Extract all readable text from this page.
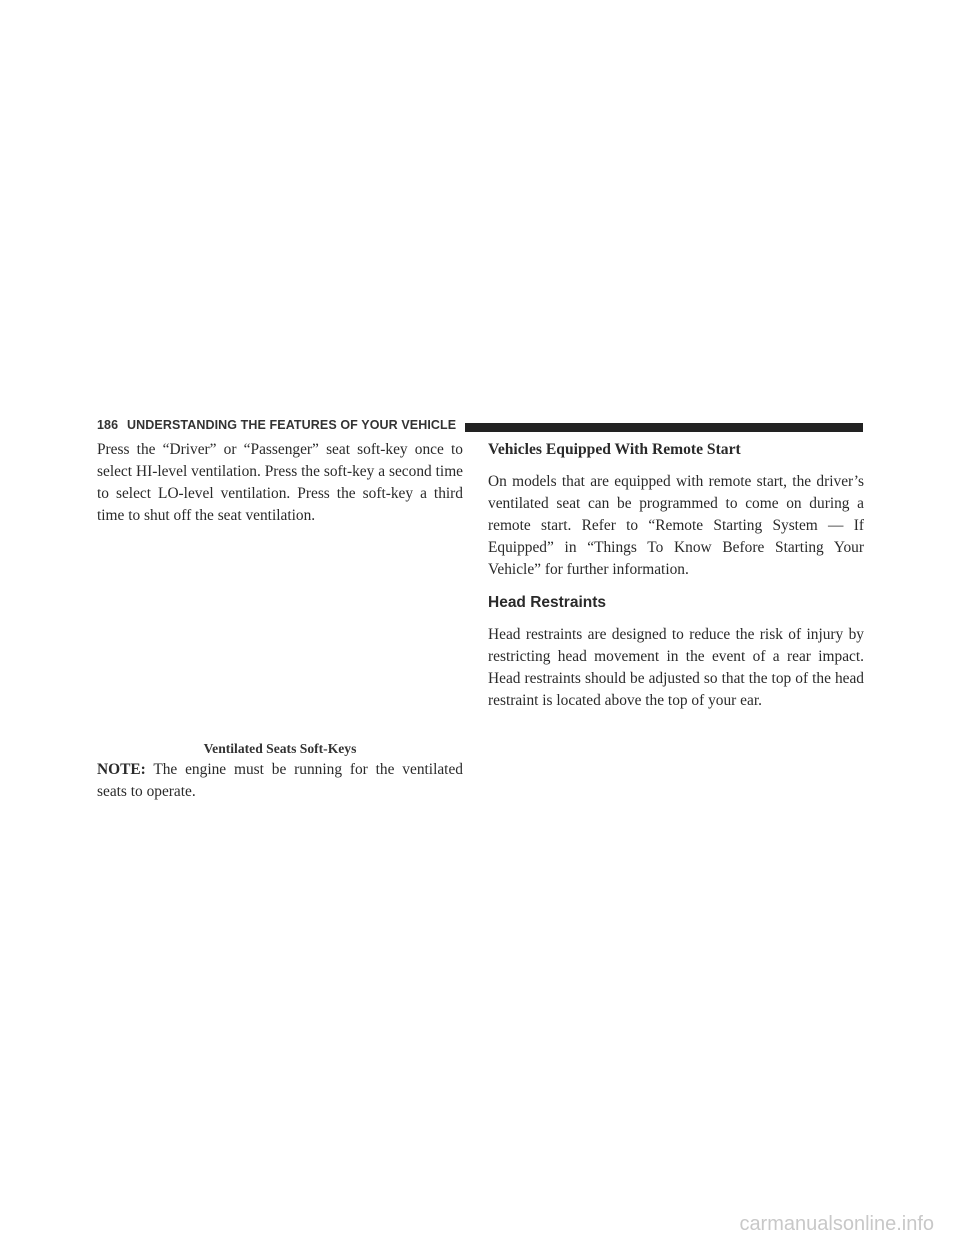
186 UNDERSTANDING THE FEATURES OF YOUR VEHICLE

Press the “Driver” or “Passenger” seat soft-key once to select HI-level ventilation. Press the soft-key a second time to select LO-level ventilation. Press the soft-key a third time to shut off the seat ventilation.

Ventilated Seats Soft-Keys

NOTE: The engine must be running for the ventilated seats to operate.

Vehicles Equipped With Remote Start

On models that are equipped with remote start, the driver’s ventilated seat can be programmed to come on during a remote start. Refer to “Remote Starting System — If Equipped” in “Things To Know Before Starting Your Vehicle” for further information.

Head Restraints

Head restraints are designed to reduce the risk of injury by restricting head movement in the event of a rear impact. Head restraints should be adjusted so that the top of the head restraint is located above the top of your ear.

carmanualsonline.info
